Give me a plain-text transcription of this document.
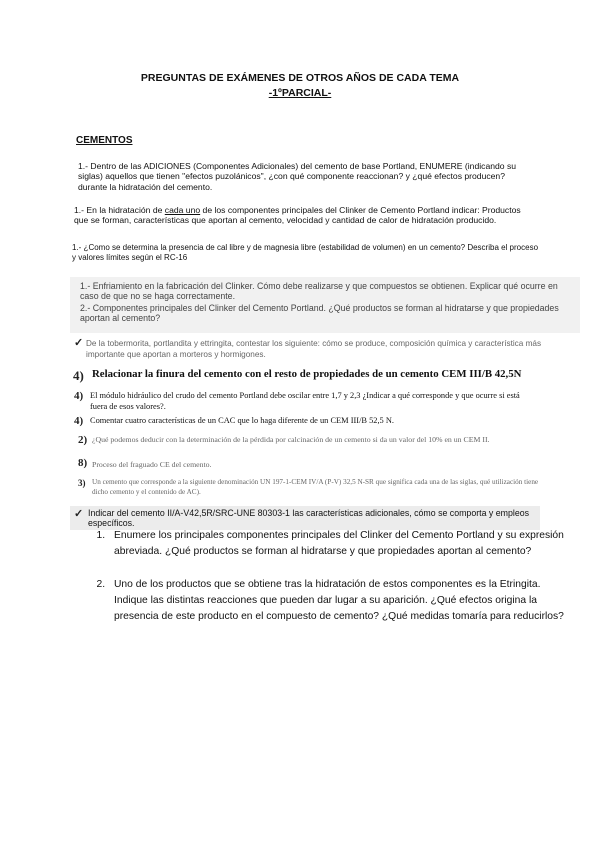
PREGUNTAS DE EXÁMENES DE OTROS AÑOS DE CADA TEMA
-1ºPARCIAL-
CEMENTOS
1.- Dentro de las ADICIONES (Componentes Adicionales) del cemento de base Portland, ENUMERE (indicando su siglas) aquellos que tienen "efectos puzolánicos", ¿con qué componente reaccionan? y ¿qué efectos producen? durante la hidratación del cemento.
1.- En la hidratación de cada uno de los componentes principales del Clinker de Cemento Portland indicar: Productos que se forman, características que aportan al cemento, velocidad y cantidad de calor de hidratación producido.
1.- ¿Como se determina la presencia de cal libre y de magnesia libre (estabilidad de volumen) en un cemento? Describa el proceso y valores límites según el RC-16
1.- Enfriamiento en la fabricación del Clinker. Cómo debe realizarse y que compuestos se obtienen. Explicar qué ocurre en caso de que no se haga correctamente.
2.- Componentes principales del Clinker del Cemento Portland. ¿Qué productos se forman al hidratarse y que propiedades aportan al cemento?
✓ De la tobermorita, portlandita y ettringita, contestar los siguiente: cómo se produce, composición química y característica más importante que aportan a morteros y hormigones.
4) Relacionar la finura del cemento con el resto de propiedades de un cemento CEM III/B 42,5N
4) El módulo hidráulico del crudo del cemento Portland debe oscilar entre 1,7 y 2,3 ¿Indicar a qué corresponde y que ocurre si está fuera de esos valores?.
4) Comentar cuatro características de un CAC que lo haga diferente de un CEM III/B 52,5 N.
2) ¿Qué podemos deducir con la determinación de la pérdida por calcinación de un cemento si da un valor del 10% en un CEM II.
8) Proceso del fraguado CE del cemento.
3) Un cemento que corresponde a la siguiente denominación UN 197-1-CEM IV/A (P-V) 32,5 N-SR que significa cada una de las siglas, qué utilización tiene dicho cemento y el contenido de AC).
✓ Indicar del cemento II/A-V42,5R/SRC-UNE 80303-1 las características adicionales, cómo se comporta y empleos específicos.
1. Enumere los principales componentes principales del Clinker del Cemento Portland y su expresión abreviada. ¿Qué productos se forman al hidratarse y que propiedades aportan al cemento?
2. Uno de los productos que se obtiene tras la hidratación de estos componentes es la Etringita. Indique las distintas reacciones que pueden dar lugar a su aparición. ¿Qué efectos origina la presencia de este producto en el compuesto de cemento? ¿Qué medidas tomaría para reducirlos?
